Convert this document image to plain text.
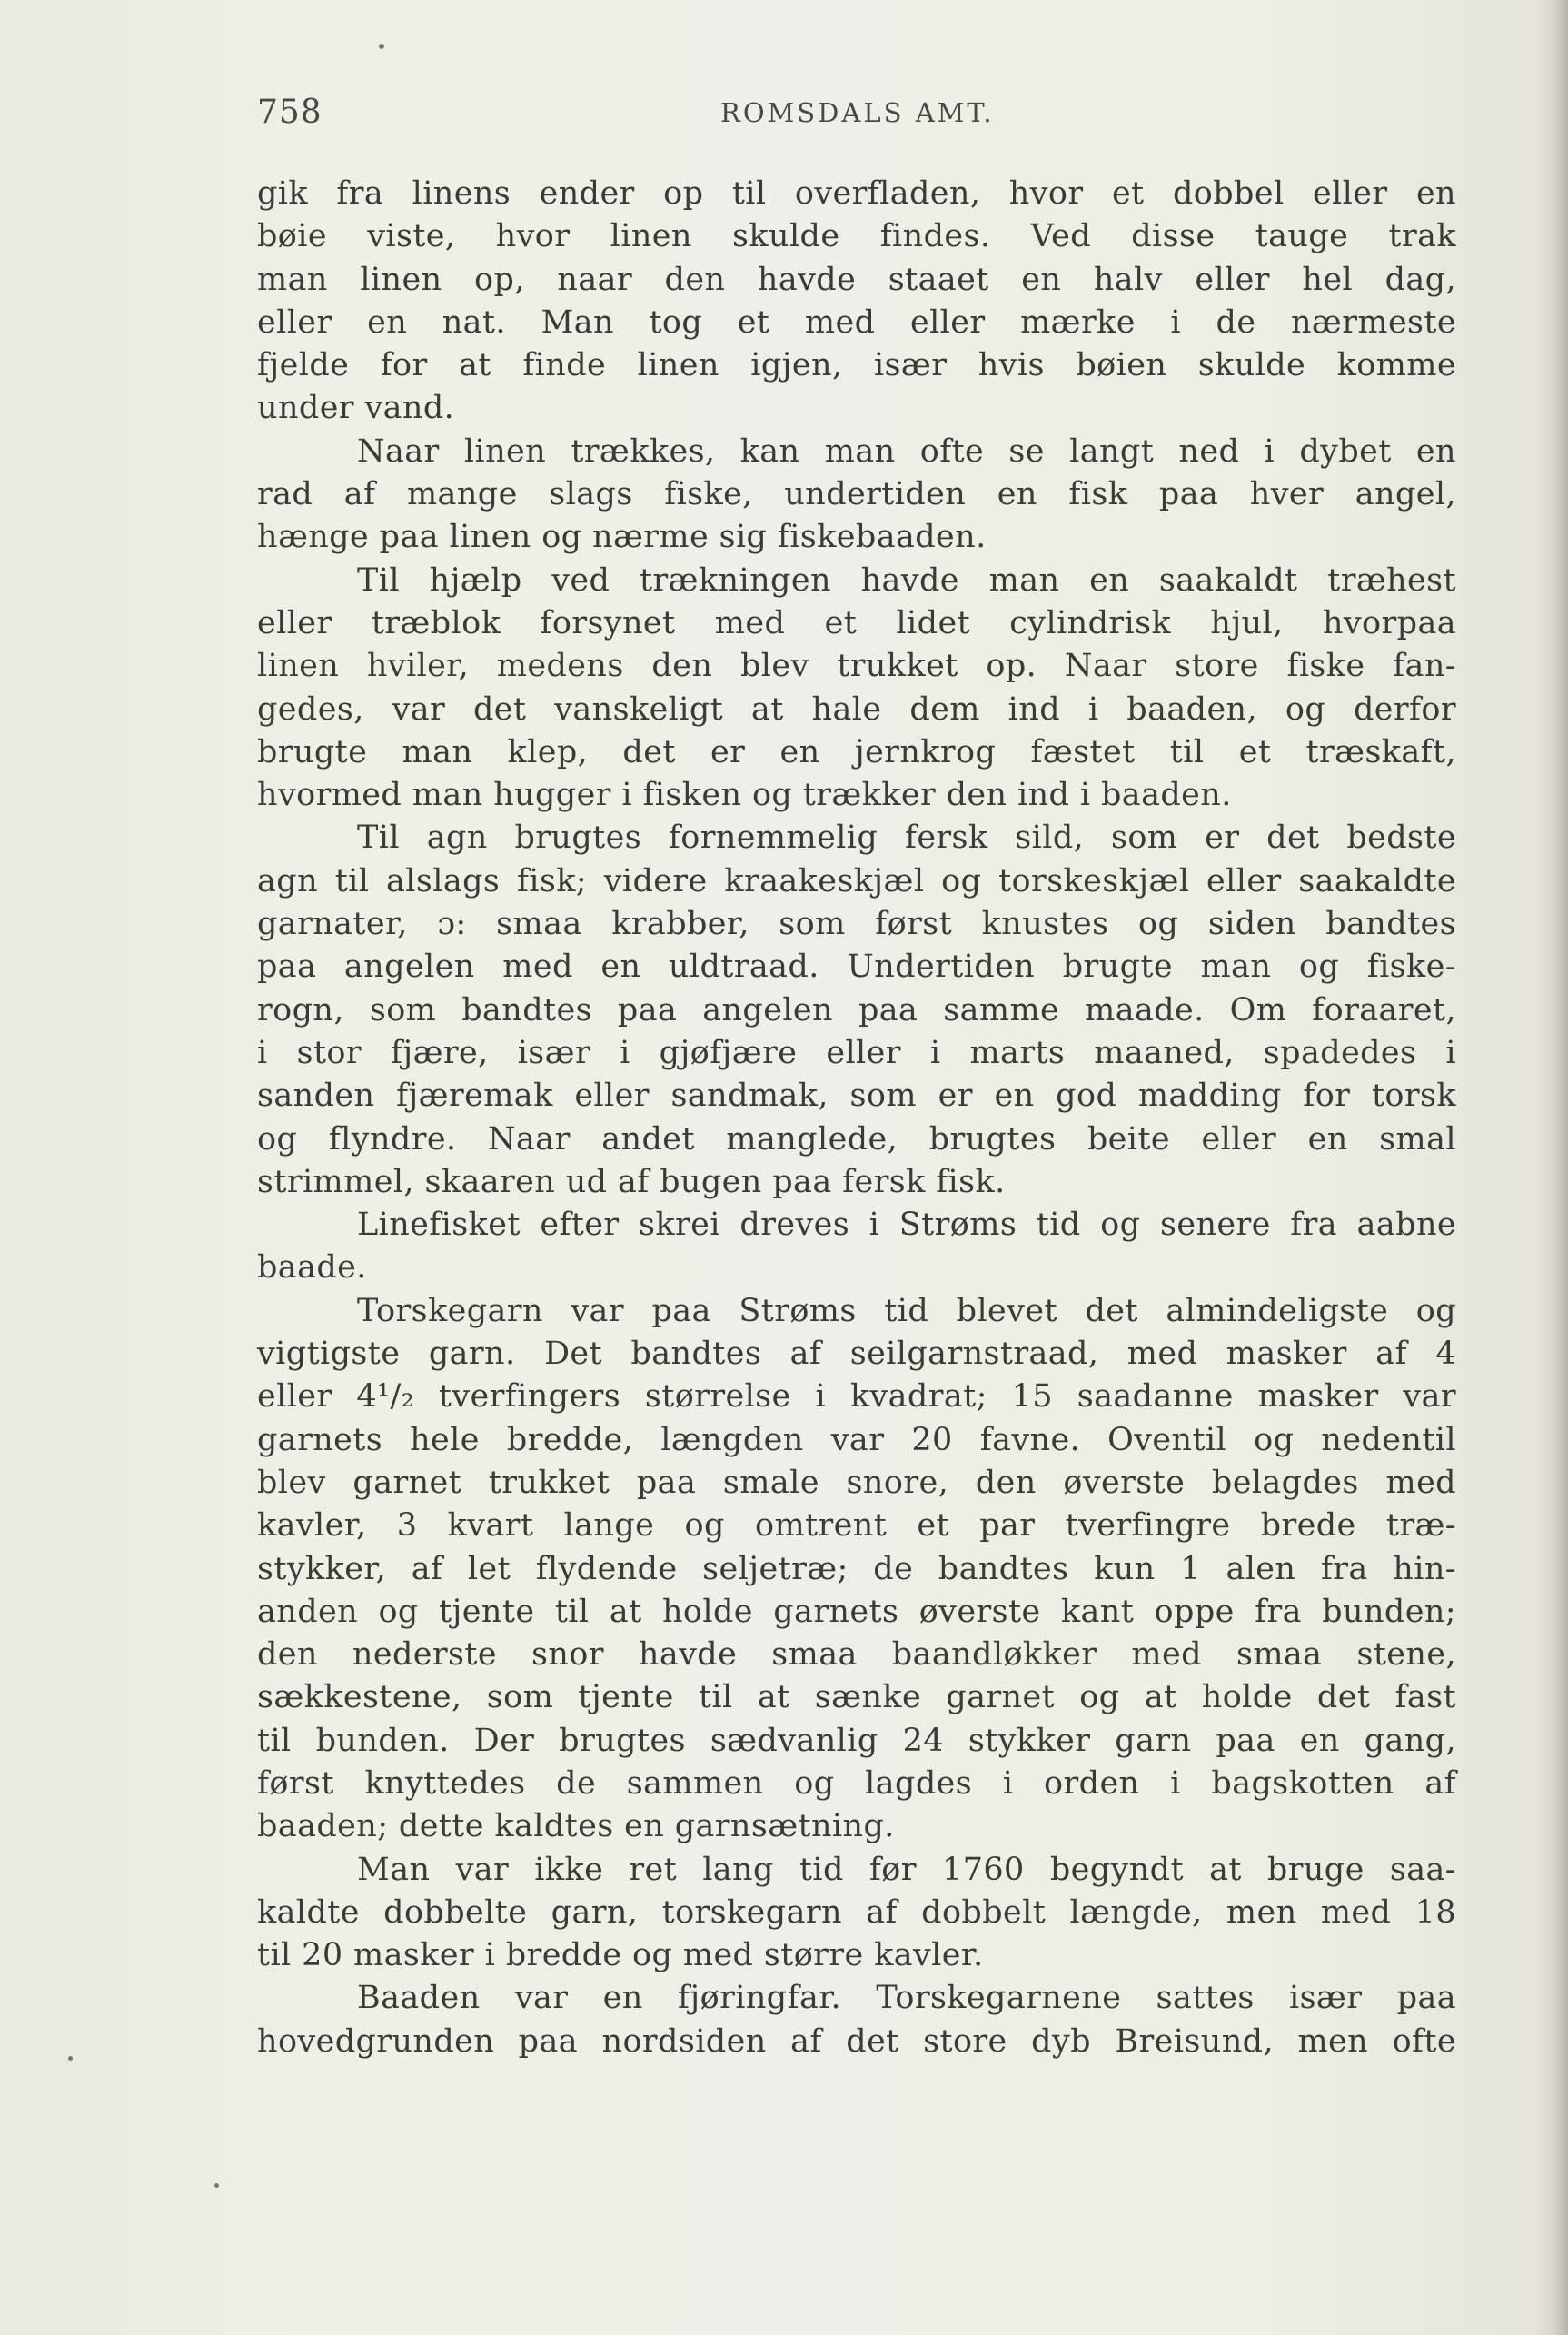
758	ROMSDALS AMT.
gik fra linens ender op til overfladen, hvor et dobbel eller en
bøie viste, hvor linen skulde findes. Ved disse tauge trak
man linen op, naar den havde staaet en halv eller hel dag,
eller en nat. Man tog et med eller mærke i de nærmeste
fjelde for at finde linen igjen, især hvis bøien skulde komme
under vand.
Naar linen trækkes, kan man ofte se langt ned i dybet en
rad af mange slags fiske, undertiden en fisk paa hver angel,
hænge paa linen og nærme sig fiskebaaden.
Til hjælp ved trækningen havde man en saakaldt træhest
eller træblok forsynet med et lidet cylindrisk hjul, hvorpaa
linen hviler, medens den blev trukket op. Naar store fiske fan-
gedes, var det vanskeligt at hale dem ind i baaden, og derfor
brugte man klep, det er en jernkrog fæstet til et træskaft,
hvormed man hugger i fisken og trækker den ind i baaden.
Til agn brugtes fornemmelig fersk sild, som er det bedste
agn til alslags fisk; videre kraakeskjæl og torskeskjæl eller saakaldte
garnater, ɔ: smaa krabber, som først knustes og siden bandtes
paa angelen med en uldtraad. Undertiden brugte man og fiske-
rogn, som bandtes paa angelen paa samme maade. Om foraaret,
i stor fjære, især i gjøfjære eller i marts maaned, spadedes i
sanden fjæremak eller sandmak, som er en god madding for torsk
og flyndre. Naar andet manglede, brugtes beite eller en smal
strimmel, skaaren ud af bugen paa fersk fisk.
Linefisket efter skrei dreves i Strøms tid og senere fra aabne
baade.
Torskegarn var paa Strøms tid blevet det almindeligste og
vigtigste garn. Det bandtes af seilgarnstraad, med masker af 4
eller 4¹/₂ tverfingers størrelse i kvadrat; 15 saadanne masker var
garnets hele bredde, længden var 20 favne. Oventil og nedentil
blev garnet trukket paa smale snore, den øverste belagdes med
kavler, 3 kvart lange og omtrent et par tverfingre brede træ-
stykker, af let flydende seljetræ; de bandtes kun 1 alen fra hin-
anden og tjente til at holde garnets øverste kant oppe fra bunden;
den nederste snor havde smaa baandløkker med smaa stene,
sækkestene, som tjente til at sænke garnet og at holde det fast
til bunden. Der brugtes sædvanlig 24 stykker garn paa en gang,
først knyttedes de sammen og lagdes i orden i bagskotten af
baaden; dette kaldtes en garnsætning.
Man var ikke ret lang tid før 1760 begyndt at bruge saa-
kaldte dobbelte garn, torskegarn af dobbelt længde, men med 18
til 20 masker i bredde og med større kavler.
Baaden var en fjøringfar. Torskegarnene sattes især paa
hovedgrunden paa nordsiden af det store dyb Breisund, men ofte
